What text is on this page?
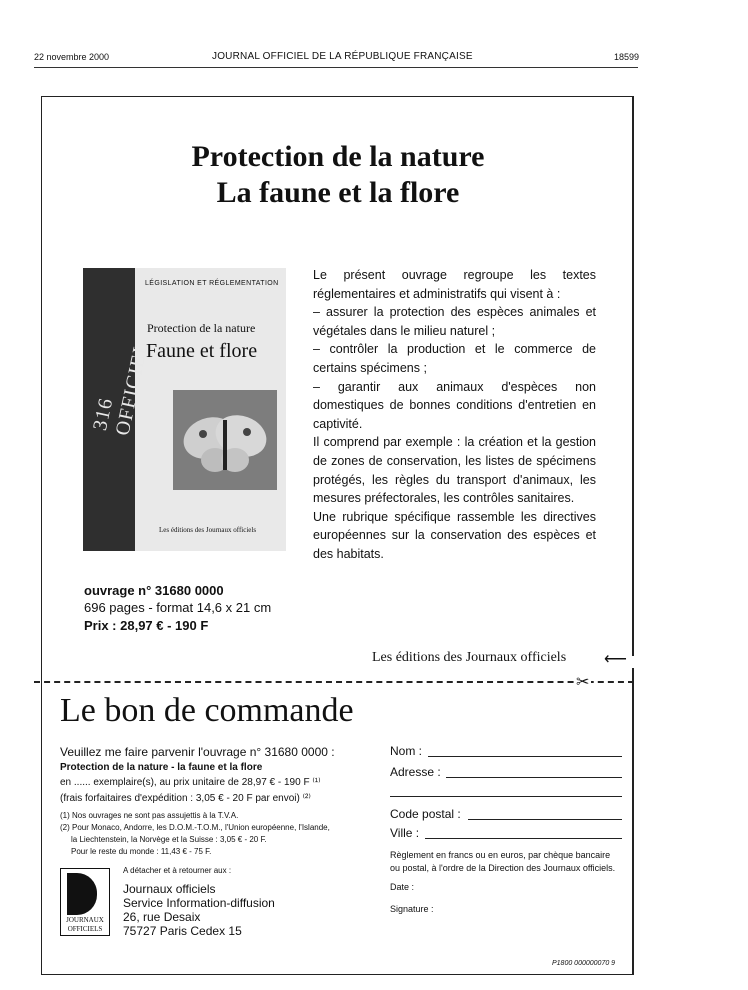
22 novembre 2000	JOURNAL OFFICIEL DE LA RÉPUBLIQUE FRANÇAISE	18599
Protection de la nature
La faune et la flore
316 OFFICIEL
LÉGISLATION ET RÉGLEMENTATION
Protection de la nature
Faune et flore
Les éditions des Journaux officiels

Le présent ouvrage regroupe les textes réglementaires et administratifs qui visent à :

– assurer la protection des espèces animales et végétales dans le milieu naturel ;

– contrôler la production et le commerce de certains spécimens ;

– garantir aux animaux d'espèces non domestiques de bonnes conditions d'entretien en captivité.

Il comprend par exemple : la création et la gestion de zones de conservation, les listes de spécimens protégés, les règles du transport d'animaux, les mesures préfectorales, les contrôles sanitaires.

Une rubrique spécifique rassemble les directives européennes sur la conservation des espèces et des habitats.

ouvrage n° 31680 0000
696 pages - format 14,6 x 21 cm
Prix : 28,97 € - 190 F
Les éditions des Journaux officiels ⟵
✂
Le bon de commande
Veuillez me faire parvenir l'ouvrage n° 31680 0000 :
Protection de la nature - la faune et la flore
en ...... exemplaire(s), au prix unitaire de 28,97 € - 190 F ⁽¹⁾
(frais forfaitaires d'expédition : 3,05 € - 20 F par envoi) ⁽²⁾
(1) Nos ouvrages ne sont pas assujettis à la T.V.A.
(2) Pour Monaco, Andorre, les D.O.M.-T.O.M., l'Union européenne, l'Islande,
la Liechtenstein, la Norvège et la Suisse : 3,05 € - 20 F.
Pour le reste du monde : 11,43 € - 75 F.
A détacher et à retourner aux :
JOURNAUX
OFFICIELS
Journaux officiels
Service Information-diffusion
26, rue Desaix
75727 Paris Cedex 15
Nom :
Adresse :
Code postal :
Ville :
Règlement en francs ou en euros, par chèque bancaire
ou postal, à l'ordre de la Direction des Journaux officiels.
Date :
Signature :
P1800 000000070 9
